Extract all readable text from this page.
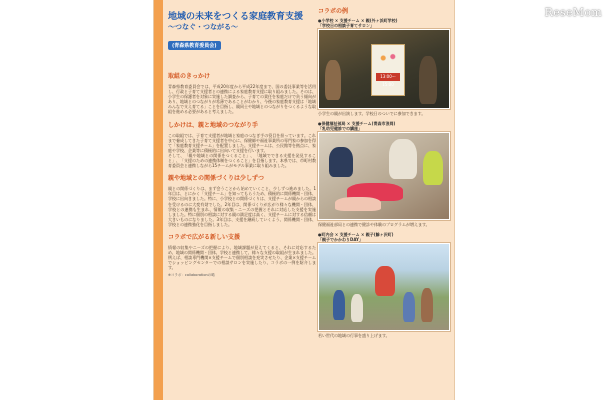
地域の未来をつくる家庭教育支援
〜つなぐ・つながる〜
(青森県教育委員会)
取組のきっかけ
青森県教育委員会では、平成20年度から平成22年度まで、国の委託事業等を活用し、行政と子育て支援者との連携による家庭教育支援に取り組みました。そのは、小学生の保護者を対象に実施した調査から、子育ての責任を家庭だけで負う傾向があり、地域とのつながりが希薄であることがわかり、今後の家庭教育支援は「地域みんなで支え育てる」ことを目指し、親同士や地域とのつながりをつくるような取組を進める必要があると考えました。
しかけは、親と地域のつながり手
この取組では、子育て支援者が地域と家庭のつなぎ手の役目を担っています。これまで養成してきた子育て支援者を中心に、保健師や福祉事業所の専門家の参加を得て「家庭教育支援チーム」を配置しました。支援チームは、公民館等を拠点に、家庭や学校、企業等に積極的に出向いて支援を行います。
そして、「親や地域との関係をつくること」、「地域でできる支援を発見すること」、「支援のための連携体制をつくること」を目指します。本県では、市町村教育委員会と連携しながら15チームがモデル事業に取り組みました。
親や地域との関係づくりは少しずつ
親との関係づくりは、まず会うことから始めていくこと、少しずつ進めました。1年目は、とにかく「支援チーム」を知ってもらうため、積極的に関係機関・団体、学校に出向きました。特に、小学校との関係づくりは、支援チームが親からの相談を受けるのに大変有効でした。2年目は、関係づくりが広がり様々な機関・団体、学校との連携も生まれ、情報の収集・ニーズの把握とそれに対応した支援を実施しました。特に個別の相談に対する親の満足度は高く、支援チームに対する信頼は大きいものになりました。3年目は、支援を継続していくよう、関係機関・団体、学校との連携強化を目指しました。
コラボで広がる新しい支援
情報の収集やニーズの把握により、地域課題が見えてくると、それに対応するため、地域の関係機関・団体、学校と連携して、様々な支援の取組が生まれました。例えば、相談専門機関×支援チームで個別相談を充実させたり、企業×支援チームでショッピングセンターでの相談サロンを実施したり、コラボの一例を紹介します。
※コラボ：collaborationの略
コラボの例
●小学校 × 支援チーム × 親(外ヶ浜町学校)
「学校日の相談子育てサロン」
13:00〜15:00
小学生の親が出演します。学校日のついでに参加できます。
●保健福祉部局 × 支援チーム(青森市浪岡)
「乳幼児健診での講座」
保健福祉部局との連携で健診や体験のプログラムが増えます。
●町内会 × 支援チーム × 親子(鰺ヶ沢町)
「親子でかかわりDAY」
若い世代の地域の行事を盛り上げます。
ReseMom
